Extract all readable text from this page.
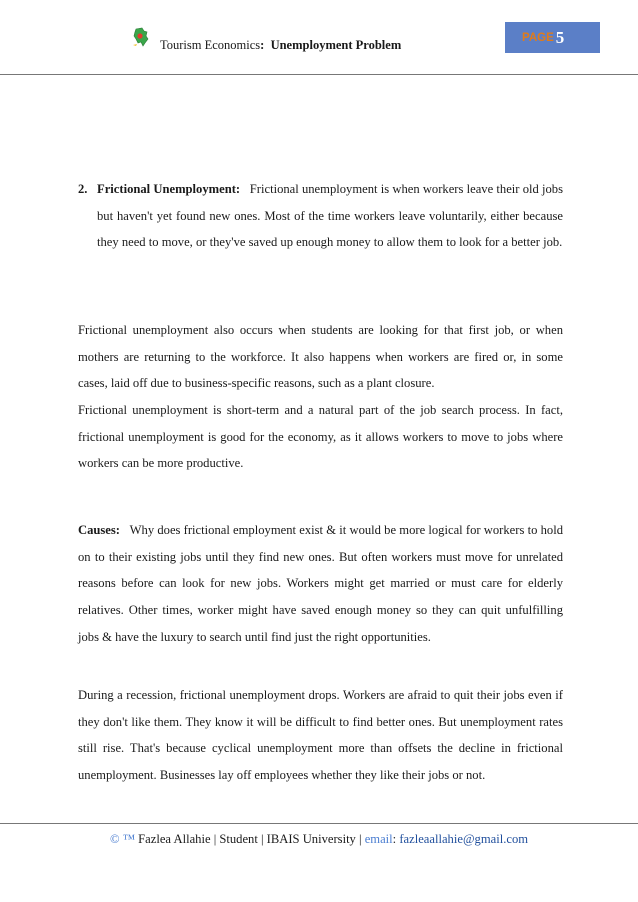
Tourism Economics: Unemployment Problem
PAGE 5
2. Frictional Unemployment: Frictional unemployment is when workers leave their old jobs but haven't yet found new ones. Most of the time workers leave voluntarily, either because they need to move, or they've saved up enough money to allow them to look for a better job.

Frictional unemployment also occurs when students are looking for that first job, or when mothers are returning to the workforce. It also happens when workers are fired or, in some cases, laid off due to business-specific reasons, such as a plant closure.

Frictional unemployment is short-term and a natural part of the job search process. In fact, frictional unemployment is good for the economy, as it allows workers to move to jobs where workers can be more productive.

Causes: Why does frictional employment exist & it would be more logical for workers to hold on to their existing jobs until they find new ones. But often workers must move for unrelated reasons before can look for new jobs. Workers might get married or must care for elderly relatives. Other times, worker might have saved enough money so they can quit unfulfilling jobs & have the luxury to search until find just the right opportunities.

During a recession, frictional unemployment drops. Workers are afraid to quit their jobs even if they don't like them. They know it will be difficult to find better ones. But unemployment rates still rise. That's because cyclical unemployment more than offsets the decline in frictional unemployment. Businesses lay off employees whether they like their jobs or not.

© ™ Fazlea Allahie | Student | IBAIS University | email: fazleaallahie@gmail.com
